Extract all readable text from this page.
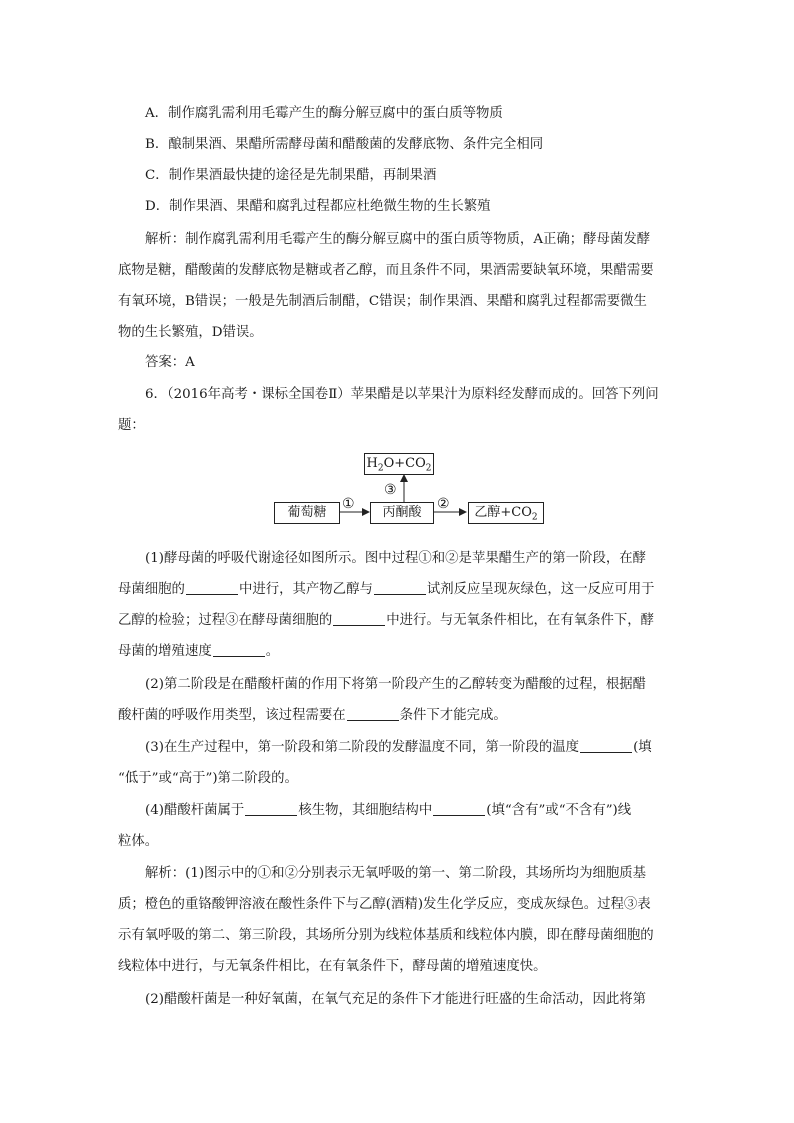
A．制作腐乳需利用毛霉产生的酶分解豆腐中的蛋白质等物质
B．酿制果酒、果醋所需酵母菌和醋酸菌的发酵底物、条件完全相同
C．制作果酒最快捷的途径是先制果醋，再制果酒
D．制作果酒、果醋和腐乳过程都应杜绝微生物的生长繁殖
解析：制作腐乳需利用毛霉产生的酶分解豆腐中的蛋白质等物质，A正确；酵母菌发酵
底物是糖，醋酸菌的发酵底物是糖或者乙醇，而且条件不同，果酒需要缺氧环境，果醋需要
有氧环境，B错误；一般是先制酒后制醋，C错误；制作果酒、果醋和腐乳过程都需要微生
物的生长繁殖，D错误。
答案：A
6．（2016年高考・课标全国卷Ⅱ）苹果醋是以苹果汁为原料经发酵而成的。回答下列问
题：
$H_2O+CO_2$
③
①	②
葡萄糖	丙酮酸	乙醇$+CO_2$
(1)酵母菌的呼吸代谢途径如图所示。图中过程①和②是苹果醋生产的第一阶段，在酵
母菌细胞的	中进行，其产物乙醇与	试剂反应呈现灰绿色，这一反应可用于
乙醇的检验；过程③在酵母菌细胞的	中进行。与无氧条件相比，在有氧条件下，酵
母菌的增殖速度	。
(2)第二阶段是在醋酸杆菌的作用下将第一阶段产生的乙醇转变为醋酸的过程，根据醋
酸杆菌的呼吸作用类型，该过程需要在	条件下才能完成。
(3)在生产过程中，第一阶段和第二阶段的发酵温度不同，第一阶段的温度	(填
“低于”或“高于”)第二阶段的。
(4)醋酸杆菌属于	核生物，其细胞结构中	(填“含有”或“不含有”)线
粒体。
解析：(1)图示中的①和②分别表示无氧呼吸的第一、第二阶段，其场所均为细胞质基
质；橙色的重铬酸钾溶液在酸性条件下与乙醇(酒精)发生化学反应，变成灰绿色。过程③表
示有氧呼吸的第二、第三阶段，其场所分别为线粒体基质和线粒体内膜，即在酵母菌细胞的
线粒体中进行，与无氧条件相比，在有氧条件下，酵母菌的增殖速度快。
(2)醋酸杆菌是一种好氧菌，在氧气充足的条件下才能进行旺盛的生命活动，因此将第
